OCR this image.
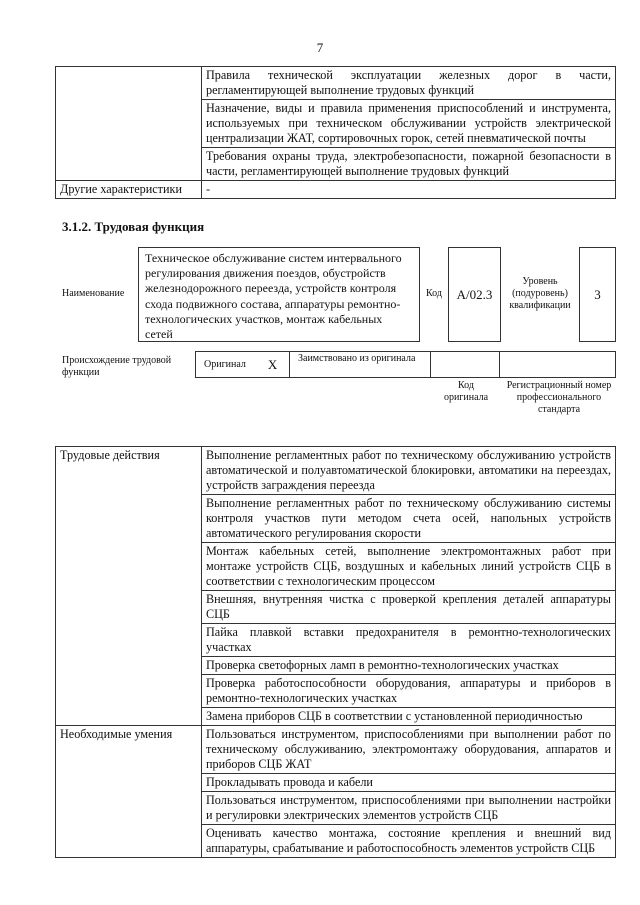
7
	Правила технической эксплуатации железных дорог в части, регламентирующей выполнение трудовых функций
	Назначение, виды и правила применения приспособлений и инструмента, используемых при техническом обслуживании устройств электрической централизации ЖАТ, сортировочных горок, сетей пневматической почты
	Требования охраны труда, электробезопасности, пожарной безопасности в части, регламентирующей выполнение трудовых функций
Другие характеристики	-
3.1.2. Трудовая функция
Наименование
Техническое обслуживание систем интервального регулирования движения поездов, обустройств железнодорожного переезда, устройств контроля схода подвижного состава, аппаратуры ремонтно-технологических участков, монтаж кабельных сетей
Код	А/02.3
Уровень (подуровень) квалификации
3
Происхождение трудовой функции
Оригинал X	Заимствовано из оригинала
Код оригинала
Регистрационный номер профессионального стандарта
Трудовые действия	Выполнение регламентных работ по техническому обслуживанию устройств автоматической и полуавтоматической блокировки, автоматики на переездах, устройств заграждения переезда
	Выполнение регламентных работ по техническому обслуживанию системы контроля участков пути методом счета осей, напольных устройств автоматического регулирования скорости
	Монтаж кабельных сетей, выполнение электромонтажных работ при монтаже устройств СЦБ, воздушных и кабельных линий устройств СЦБ в соответствии с технологическим процессом
	Внешняя, внутренняя чистка с проверкой крепления деталей аппаратуры СЦБ
	Пайка плавкой вставки предохранителя в ремонтно-технологических участках
	Проверка светофорных ламп в ремонтно-технологических участках
	Проверка работоспособности оборудования, аппаратуры и приборов в ремонтно-технологических участках
	Замена приборов СЦБ в соответствии с установленной периодичностью
Необходимые умения	Пользоваться инструментом, приспособлениями при выполнении работ по техническому обслуживанию, электромонтажу оборудования, аппаратов и приборов СЦБ ЖАТ
	Прокладывать провода и кабели
	Пользоваться инструментом, приспособлениями при выполнении настройки и регулировки электрических элементов устройств СЦБ
	Оценивать качество монтажа, состояние крепления и внешний вид аппаратуры, срабатывание и работоспособность элементов устройств СЦБ
